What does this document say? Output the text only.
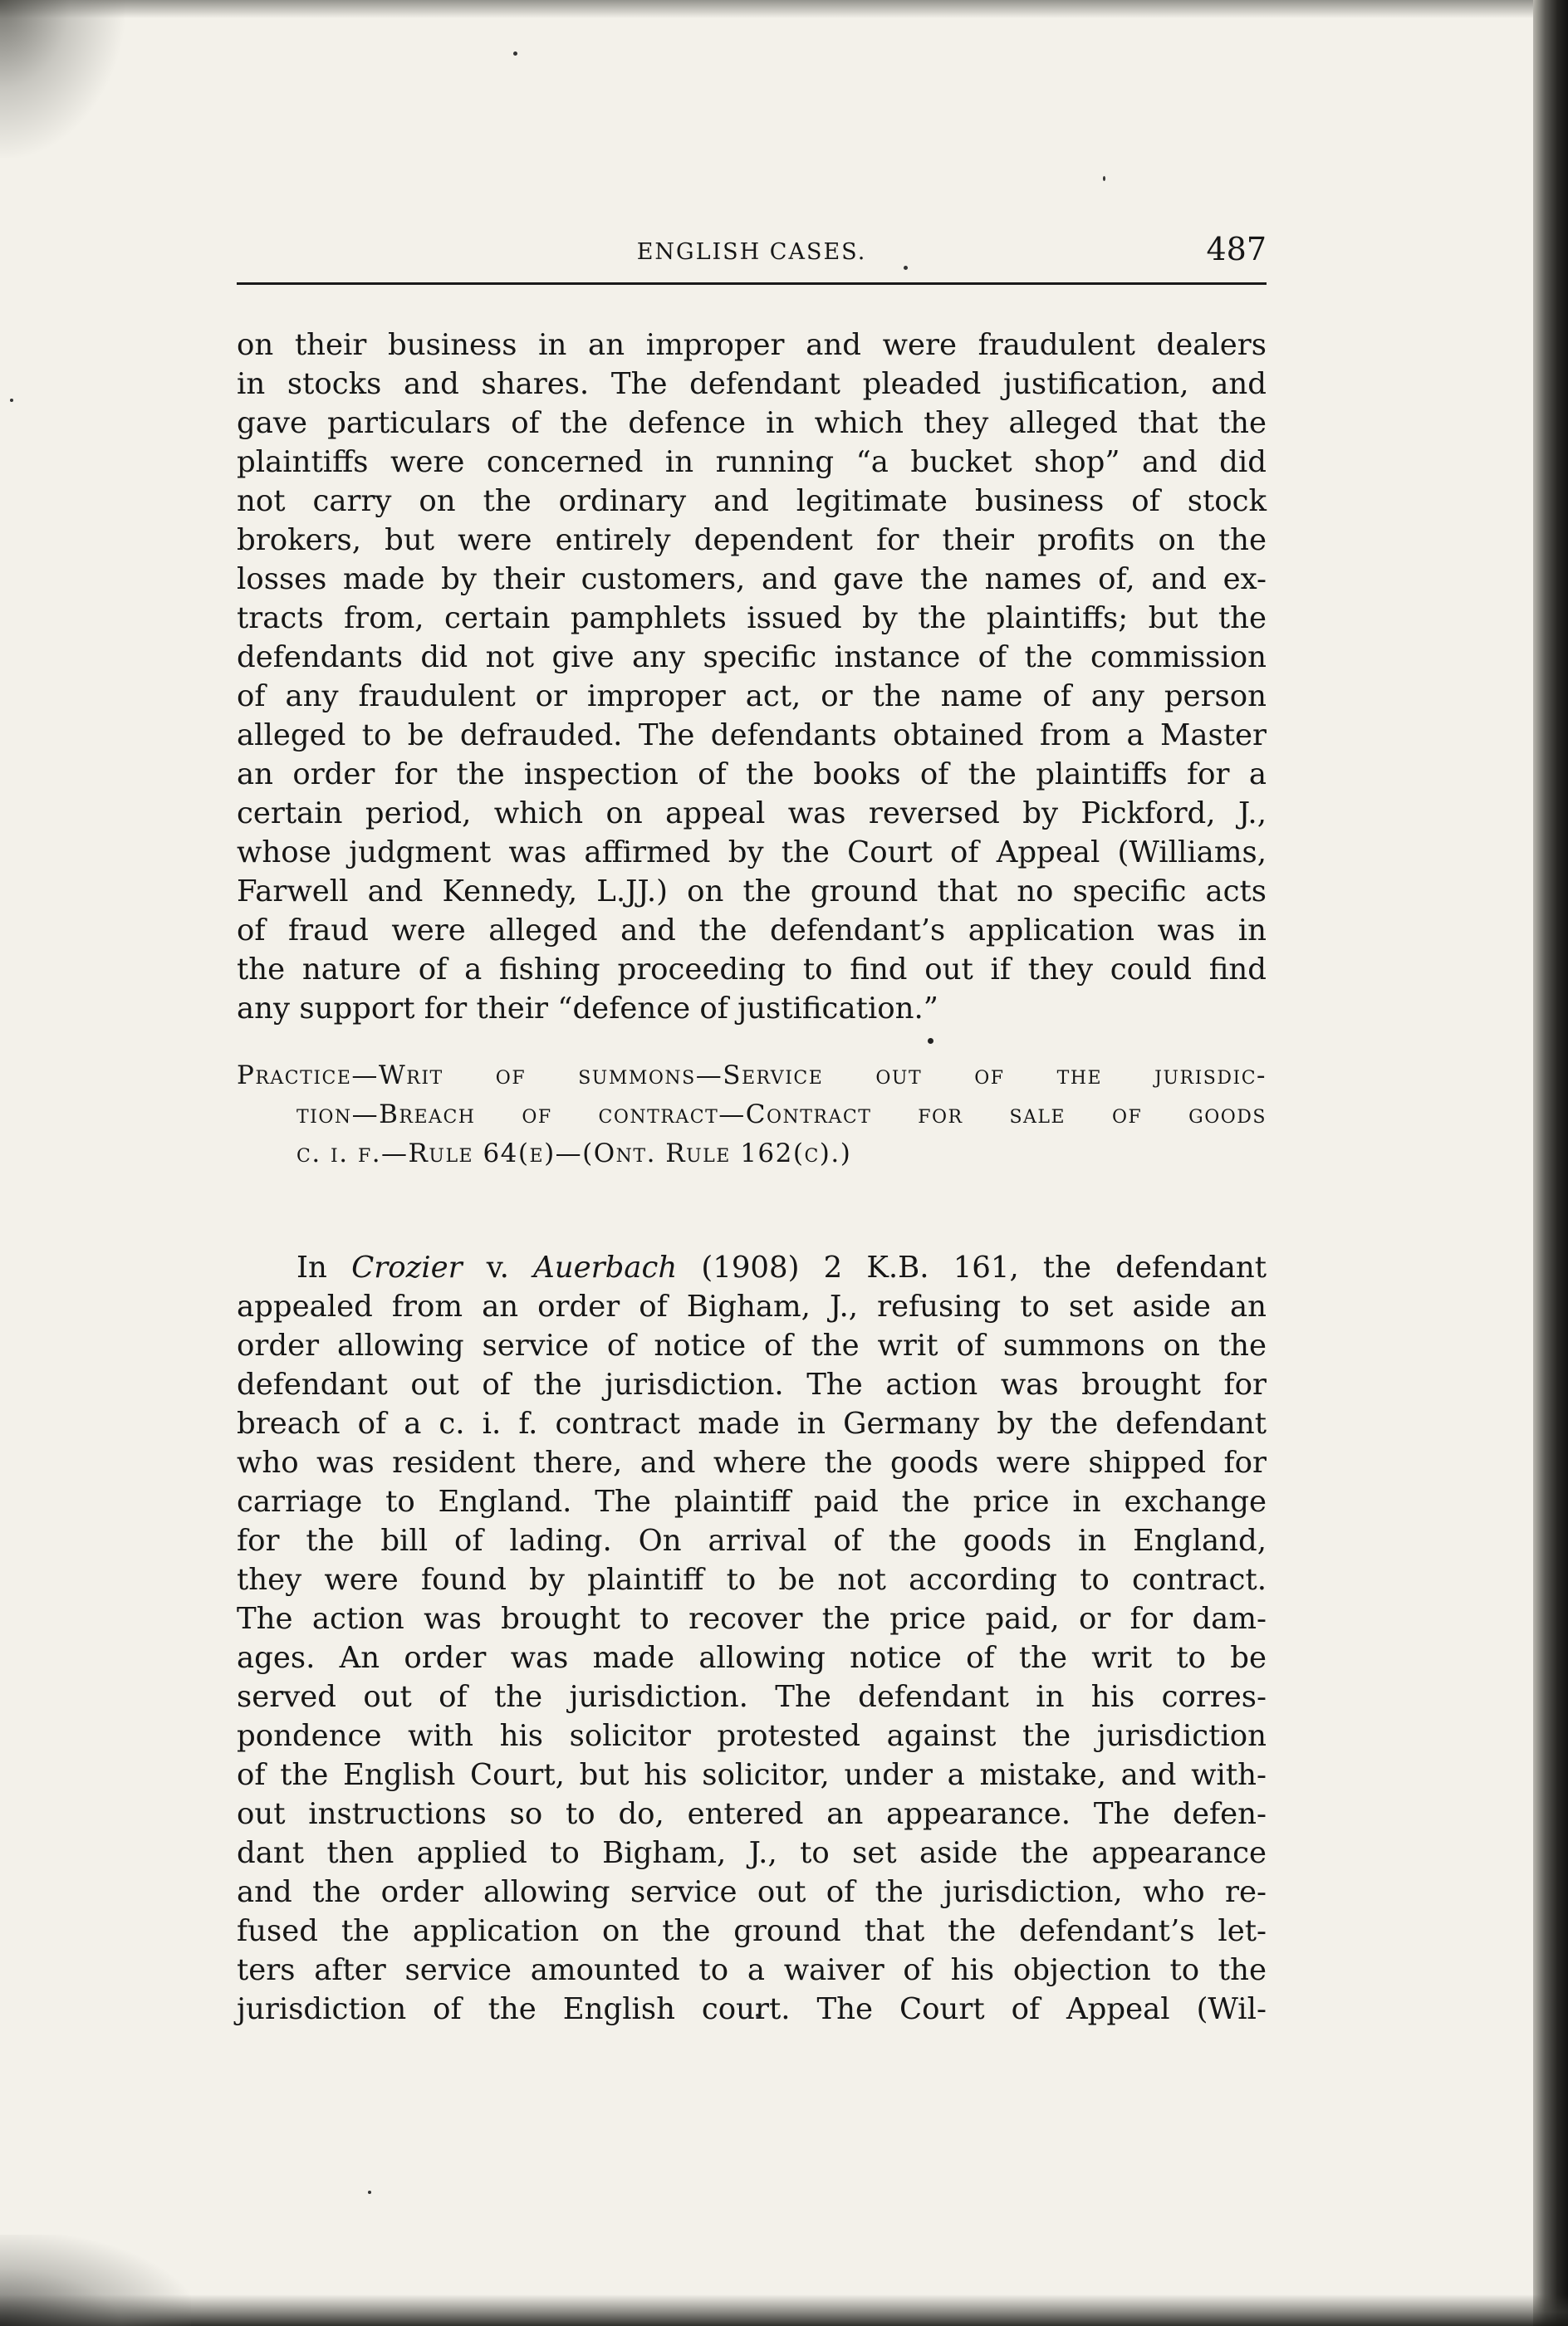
ENGLISH CASES.	487
on their business in an improper and were fraudulent dealers
in stocks and shares. The defendant pleaded justification, and
gave particulars of the defence in which they alleged that the
plaintiffs were concerned in running “a bucket shop” and did
not carry on the ordinary and legitimate business of stock
brokers, but were entirely dependent for their profits on the
losses made by their customers, and gave the names of, and ex-
tracts from, certain pamphlets issued by the plaintiffs; but the
defendants did not give any specific instance of the commission
of any fraudulent or improper act, or the name of any person
alleged to be defrauded. The defendants obtained from a Master
an order for the inspection of the books of the plaintiffs for a
certain period, which on appeal was reversed by Pickford, J.,
whose judgment was affirmed by the Court of Appeal (Williams,
Farwell and Kennedy, L.JJ.) on the ground that no specific acts
of fraud were alleged and the defendant’s application was in
the nature of a fishing proceeding to find out if they could find
any support for their “defence of justification.”
Practice—Writ of summons—Service out of the jurisdic-
tion—Breach of contract—Contract for sale of goods
c. i. f.—Rule 64(e)—(Ont. Rule 162(c).)
In Crozier v. Auerbach (1908) 2 K.B. 161, the defendant
appealed from an order of Bigham, J., refusing to set aside an
order allowing service of notice of the writ of summons on the
defendant out of the jurisdiction. The action was brought for
breach of a c. i. f. contract made in Germany by the defendant
who was resident there, and where the goods were shipped for
carriage to England. The plaintiff paid the price in exchange
for the bill of lading. On arrival of the goods in England,
they were found by plaintiff to be not according to contract.
The action was brought to recover the price paid, or for dam-
ages. An order was made allowing notice of the writ to be
served out of the jurisdiction. The defendant in his corres-
pondence with his solicitor protested against the jurisdiction
of the English Court, but his solicitor, under a mistake, and with-
out instructions so to do, entered an appearance. The defen-
dant then applied to Bigham, J., to set aside the appearance
and the order allowing service out of the jurisdiction, who re-
fused the application on the ground that the defendant’s let-
ters after service amounted to a waiver of his objection to the
jurisdiction of the English court. The Court of Appeal (Wil-
